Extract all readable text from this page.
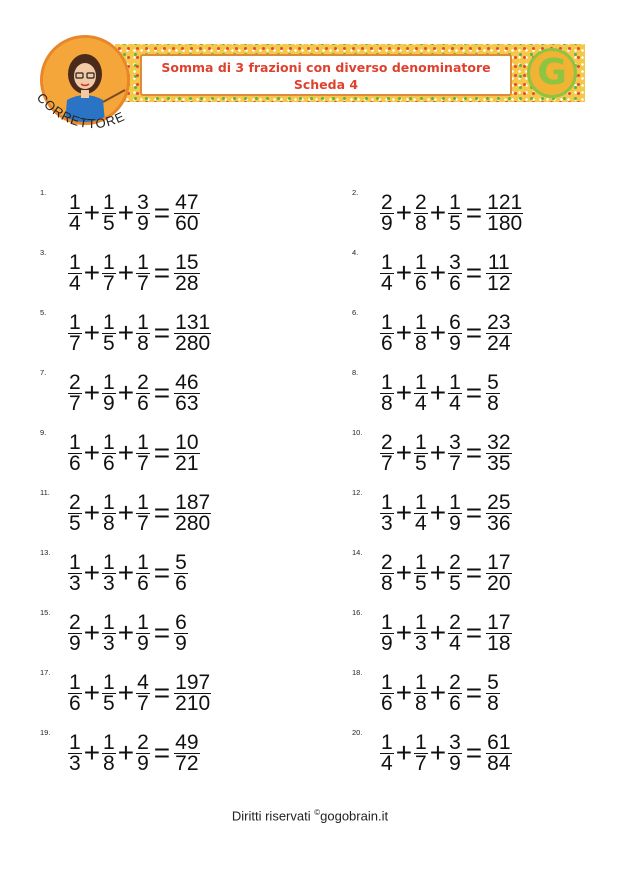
Somma di 3 frazioni con diverso denominatore
Scheda 4	G
CORRETTORE
1. $\frac{1}{4} + \frac{1}{5} + \frac{3}{9} = \frac{47}{60}$	2. $\frac{2}{9} + \frac{2}{8} + \frac{1}{5} = \frac{121}{180}$
3. $\frac{1}{4} + \frac{1}{7} + \frac{1}{7} = \frac{15}{28}$	4. $\frac{1}{4} + \frac{1}{6} + \frac{3}{6} = \frac{11}{12}$
5. $\frac{1}{7} + \frac{1}{5} + \frac{1}{8} = \frac{131}{280}$	6. $\frac{1}{6} + \frac{1}{8} + \frac{6}{9} = \frac{23}{24}$
7. $\frac{2}{7} + \frac{1}{9} + \frac{2}{6} = \frac{46}{63}$	8. $\frac{1}{8} + \frac{1}{4} + \frac{1}{4} = \frac{5}{8}$
9. $\frac{1}{6} + \frac{1}{6} + \frac{1}{7} = \frac{10}{21}$	10. $\frac{2}{7} + \frac{1}{5} + \frac{3}{7} = \frac{32}{35}$
11. $\frac{2}{5} + \frac{1}{8} + \frac{1}{7} = \frac{187}{280}$	12. $\frac{1}{3} + \frac{1}{4} + \frac{1}{9} = \frac{25}{36}$
13. $\frac{1}{3} + \frac{1}{3} + \frac{1}{6} = \frac{5}{6}$	14. $\frac{2}{8} + \frac{1}{5} + \frac{2}{5} = \frac{17}{20}$
15. $\frac{2}{9} + \frac{1}{3} + \frac{1}{9} = \frac{6}{9}$	16. $\frac{1}{9} + \frac{1}{3} + \frac{2}{4} = \frac{17}{18}$
17. $\frac{1}{6} + \frac{1}{5} + \frac{4}{7} = \frac{197}{210}$	18. $\frac{1}{6} + \frac{1}{8} + \frac{2}{6} = \frac{5}{8}$
19. $\frac{1}{3} + \frac{1}{8} + \frac{2}{9} = \frac{49}{72}$	20. $\frac{1}{4} + \frac{1}{7} + \frac{3}{9} = \frac{61}{84}$
Diritti riservati ©gogobrain.it
